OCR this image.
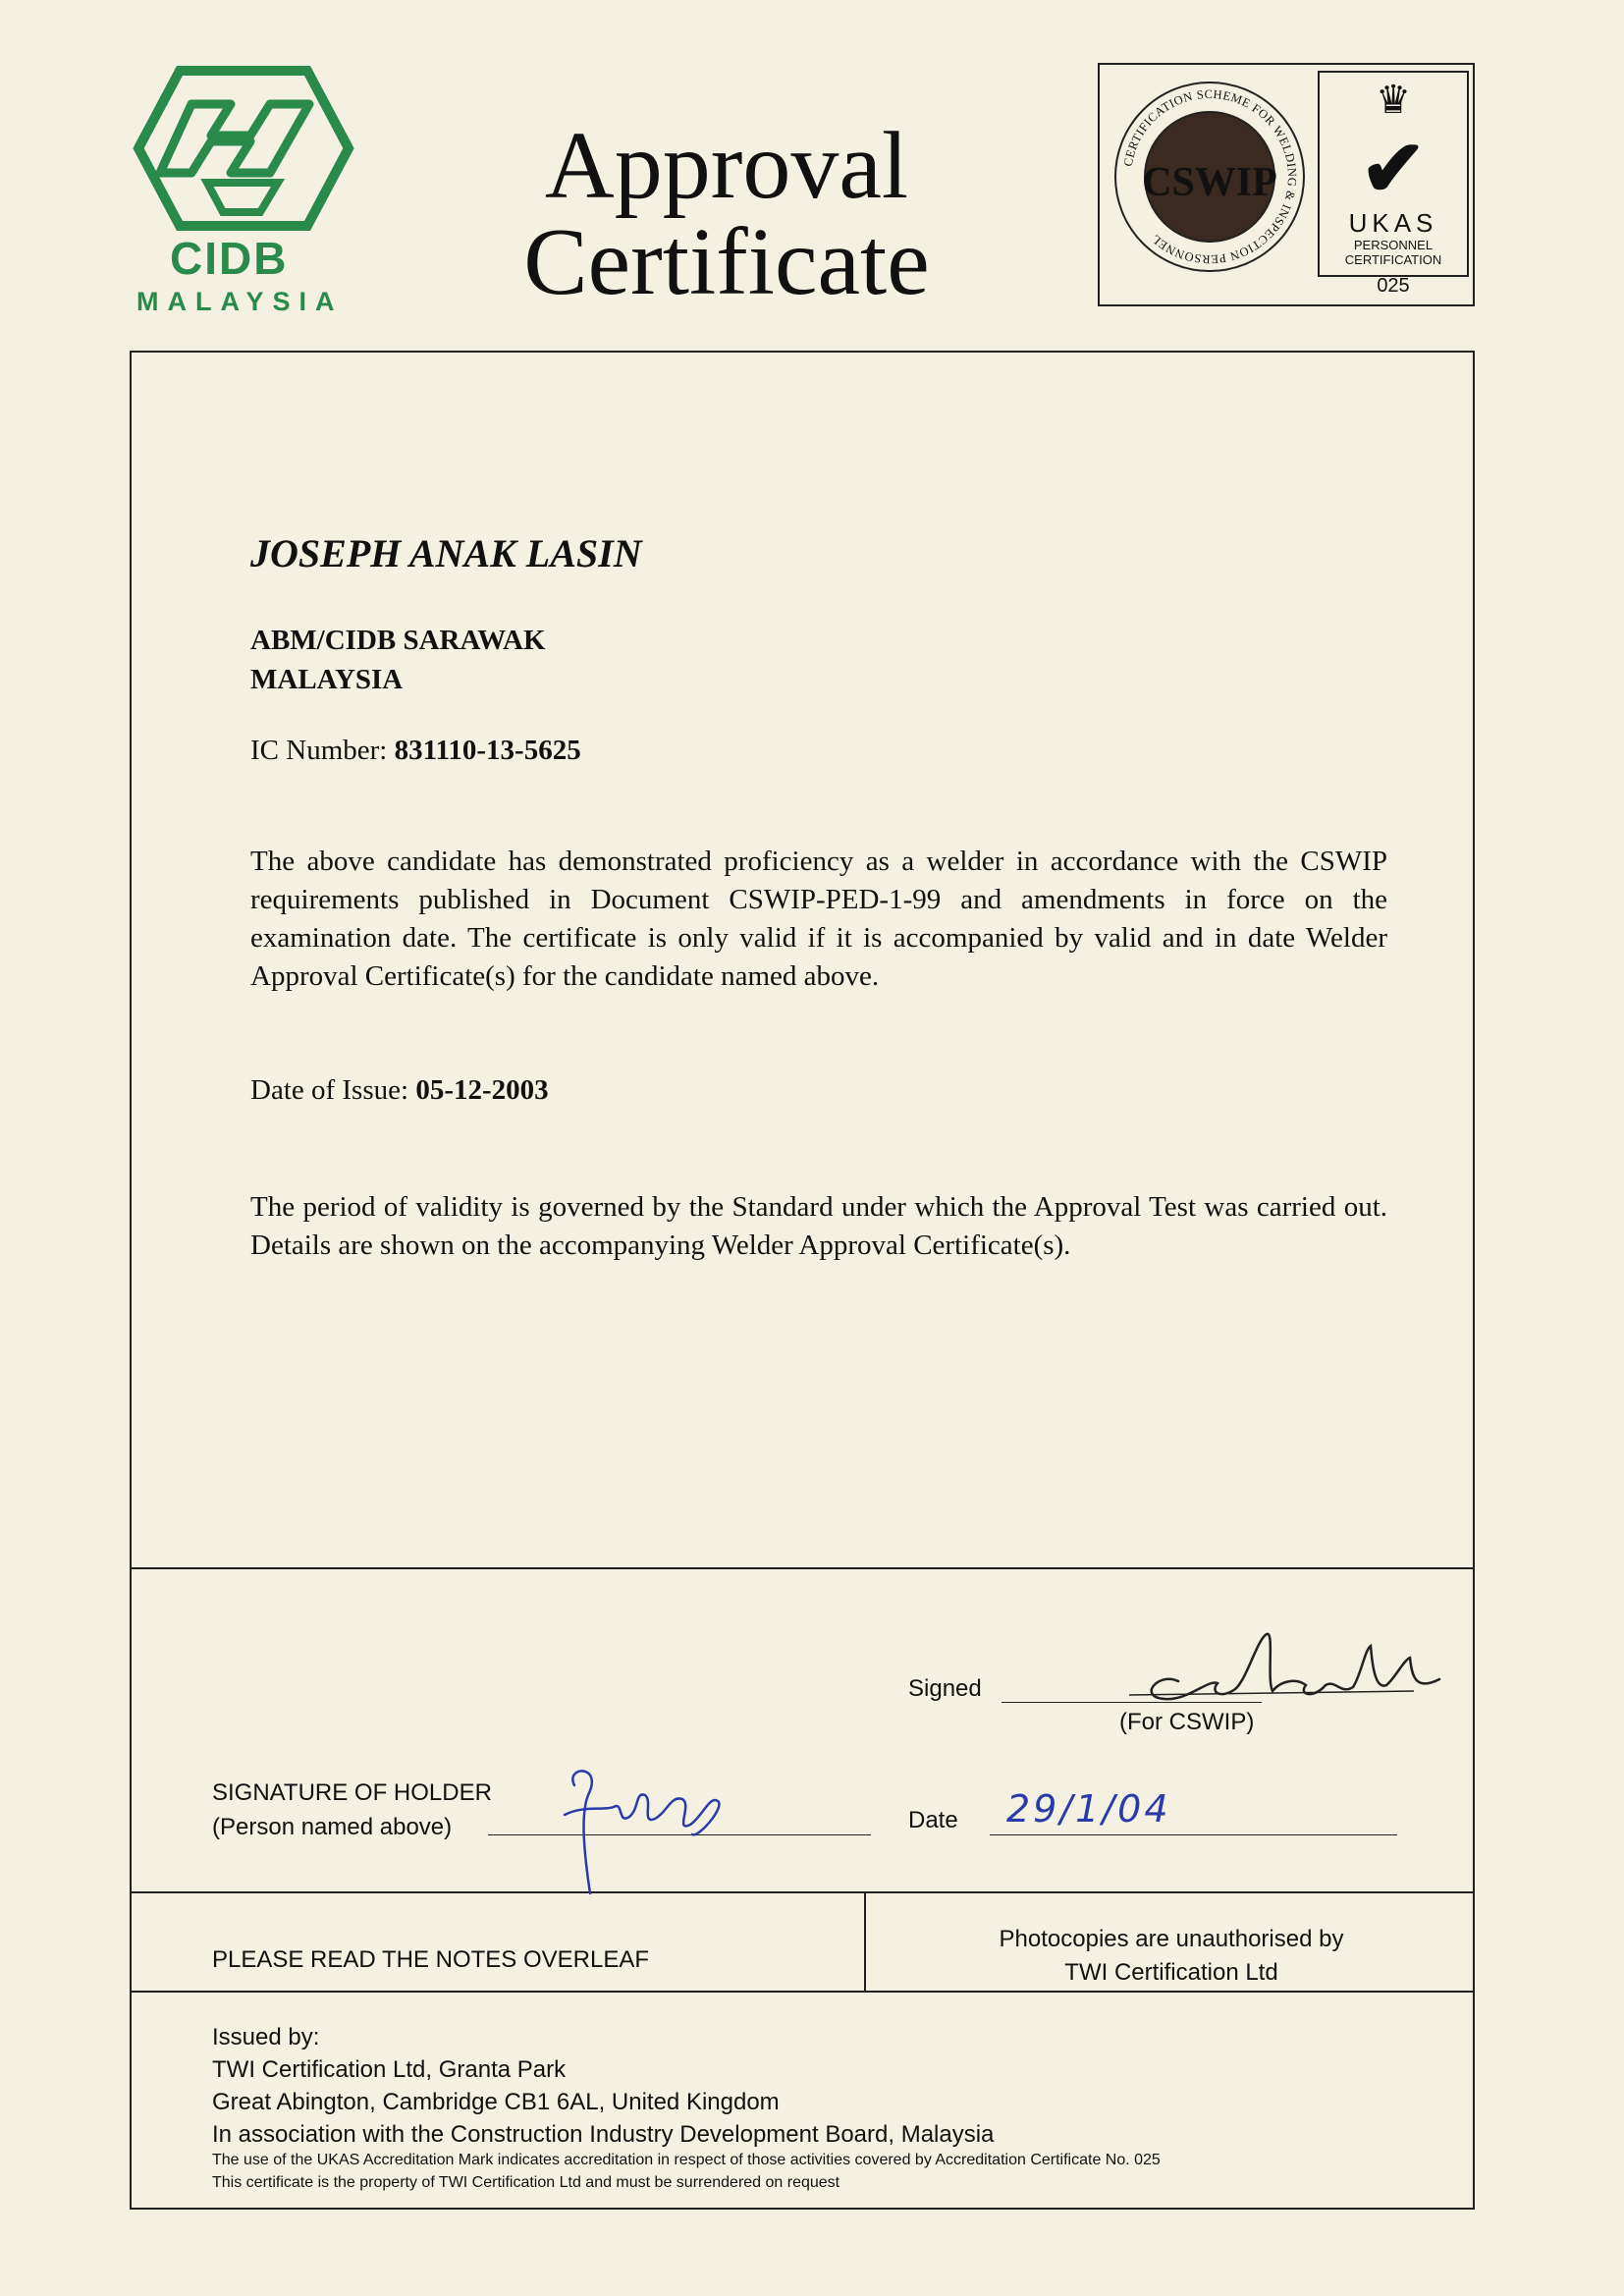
CIDB
MALAYSIA
Approval
Certificate
CERTIFICATION SCHEME FOR WELDING & INSPECTION PERSONNEL
CSWIP
♛
✔
UKAS
PERSONNEL
CERTIFICATION
025
JOSEPH ANAK LASIN
ABM/CIDB SARAWAK
MALAYSIA
IC Number: 831110-13-5625
The above candidate has demonstrated proficiency as a welder in accordance with the CSWIP requirements published in Document CSWIP-PED-1-99 and amendments in force on the examination date. The certificate is only valid if it is accompanied by valid and in date Welder Approval Certificate(s) for the candidate named above.
Date of Issue: 05-12-2003
The period of validity is governed by the Standard under which the Approval Test was carried out. Details are shown on the accompanying Welder Approval Certificate(s).
Signed
(For CSWIP)
SIGNATURE OF HOLDER
(Person named above)	Date 29/1/04
PLEASE READ THE NOTES OVERLEAF
Photocopies are unauthorised by
TWI Certification Ltd
Issued by:
TWI Certification Ltd, Granta Park
Great Abington, Cambridge CB1 6AL, United Kingdom
In association with the Construction Industry Development Board, Malaysia
The use of the UKAS Accreditation Mark indicates accreditation in respect of those activities covered by Accreditation Certificate No. 025
This certificate is the property of TWI Certification Ltd and must be surrendered on request
